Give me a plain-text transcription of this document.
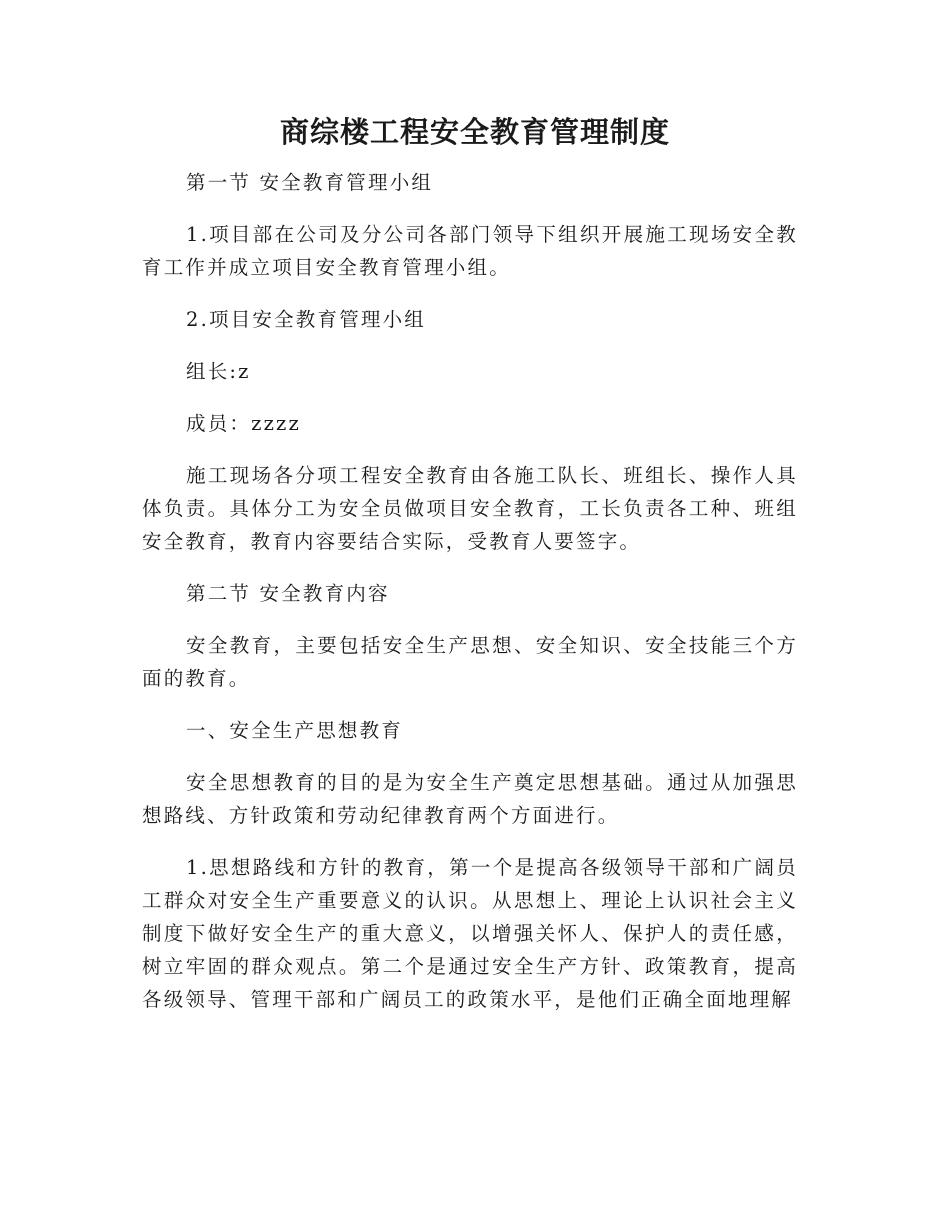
商综楼工程安全教育管理制度

第一节 安全教育管理小组

1.项目部在公司及分公司各部门领导下组织开展施工现场安全教育工作并成立项目安全教育管理小组。

2.项目安全教育管理小组

组长:z

成员：zzzz

施工现场各分项工程安全教育由各施工队长、班组长、操作人具体负责。具体分工为安全员做项目安全教育，工长负责各工种、班组安全教育，教育内容要结合实际，受教育人要签字。

第二节 安全教育内容

安全教育，主要包括安全生产思想、安全知识、安全技能三个方面的教育。

一、安全生产思想教育

安全思想教育的目的是为安全生产奠定思想基础。通过从加强思想路线、方针政策和劳动纪律教育两个方面进行。

1.思想路线和方针的教育，第一个是提高各级领导干部和广阔员工群众对安全生产重要意义的认识。从思想上、理论上认识社会主义制度下做好安全生产的重大意义，以增强关怀人、保护人的责任感，树立牢固的群众观点。第二个是通过安全生产方针、政策教育，提高各级领导、管理干部和广阔员工的政策水平，是他们正确全面地理解
